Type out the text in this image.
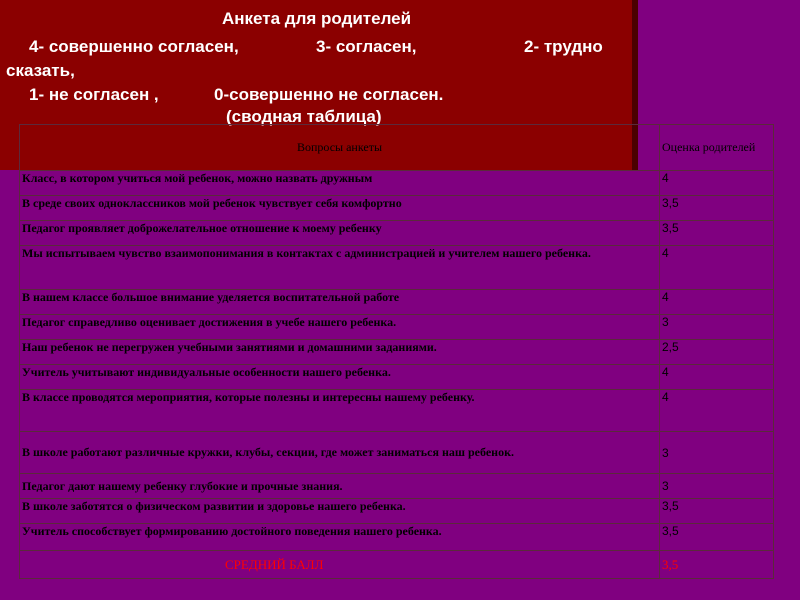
Анкета для родителей
4- совершенно согласен,	3- согласен,	2- трудно
сказать,
1- не согласен ,	0-совершенно не согласен.
(сводная таблица)
Вопросы анкеты	Оценка родителей
Класс, в котором учиться мой ребенок, можно назвать дружным	4
В среде своих одноклассников мой ребенок чувствует себя комфортно	3,5
Педагог проявляет доброжелательное отношение к моему ребенку	3,5
Мы испытываем чувство взаимопонимания в контактах с администрацией и учителем нашего ребенка.	4
В нашем классе большое внимание уделяется воспитательной работе	4
Педагог справедливо оценивает достижения в учебе нашего ребенка.	3
Наш ребенок не перегружен учебными занятиями и домашними заданиями.	2,5
Учитель учитывают индивидуальные особенности нашего ребенка.	4
В классе проводятся мероприятия, которые полезны и интересны нашему ребенку.	4
В школе работают различные кружки, клубы, секции, где может заниматься наш ребенок.	3
Педагог дают нашему ребенку глубокие и прочные знания.	3
В школе заботятся о физическом развитии и здоровье нашего ребенка.	3,5
Учитель способствует формированию достойного поведения нашего ребенка.	3,5
СРЕДНИЙ БАЛЛ	3,5
